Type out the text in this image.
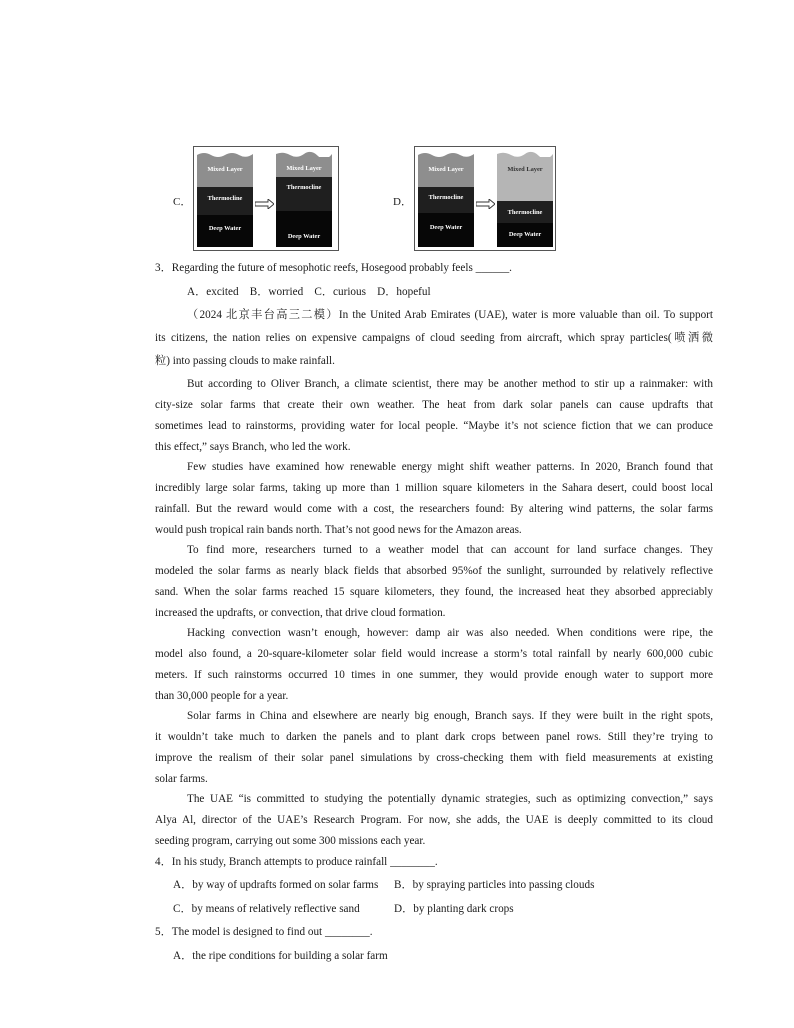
C．
Mixed Layer
Thermocline
Deep Water
Mixed Layer
Thermocline
Deep Water
D．
Mixed Layer
Thermocline
Deep Water
Mixed Layer
Thermocline
Deep Water
3．Regarding the future of mesophotic reefs, Hosegood probably feels ______.
A．excited　B．worried　C．curious　D．hopeful
（2024 北京丰台高三二模）In the United Arab Emirates (UAE), water is more valuable than oil. To support
its citizens, the nation relies on expensive campaigns of cloud seeding from aircraft, which spray particles(喷洒微
粒) into passing clouds to make rainfall.
But according to Oliver Branch, a climate scientist, there may be another method to stir up a rainmaker: with
city-size solar farms that create their own weather. The heat from dark solar panels can cause updrafts that
sometimes lead to rainstorms, providing water for local people. “Maybe it’s not science fiction that we can produce
this effect,” says Branch, who led the work.
Few studies have examined how renewable energy might shift weather patterns. In 2020, Branch found that
incredibly large solar farms, taking up more than 1 million square kilometers in the Sahara desert, could boost local
rainfall. But the reward would come with a cost, the researchers found: By altering wind patterns, the solar farms
would push tropical rain bands north. That’s not good news for the Amazon areas.
To find more, researchers turned to a weather model that can account for land surface changes. They
modeled the solar farms as nearly black fields that absorbed 95%of the sunlight, surrounded by relatively reflective
sand. When the solar farms reached 15 square kilometers, they found, the increased heat they absorbed appreciably
increased the updrafts, or convection, that drive cloud formation.
Hacking convection wasn’t enough, however: damp air was also needed. When conditions were ripe, the
model also found, a 20-square-kilometer solar field would increase a storm’s total rainfall by nearly 600,000 cubic
meters. If such rainstorms occurred 10 times in one summer, they would provide enough water to support more
than 30,000 people for a year.
Solar farms in China and elsewhere are nearly big enough, Branch says. If they were built in the right spots,
it wouldn’t take much to darken the panels and to plant dark crops between panel rows. Still they’re trying to
improve the realism of their solar panel simulations by cross-checking them with field measurements at existing
solar farms.
The UAE “is committed to studying the potentially dynamic strategies, such as optimizing convection,” says
Alya Al, director of the UAE’s Research Program. For now, she adds, the UAE is deeply committed to its cloud
seeding program, carrying out some 300 missions each year.
4．In his study, Branch attempts to produce rainfall ________.
A．by way of updrafts formed on solar farms B．by spraying particles into passing clouds
C．by means of relatively reflective sand	D．by planting dark crops
5．The model is designed to find out ________.
A．the ripe conditions for building a solar farm
